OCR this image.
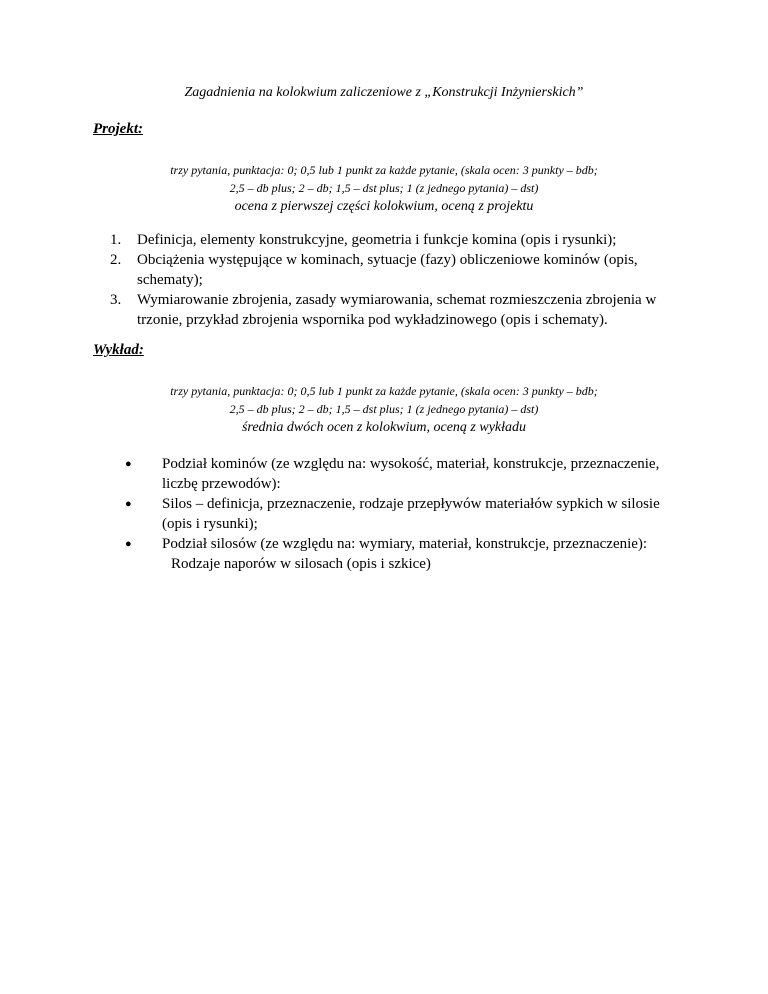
Zagadnienia na kolokwium zaliczeniowe z „Konstrukcji Inżynierskich”
Projekt:
trzy pytania, punktacja: 0; 0,5 lub 1 punkt za każde pytanie, (skala ocen: 3 punkty – bdb;
2,5 – db plus; 2 – db; 1,5 – dst plus; 1 (z jednego pytania) – dst)
ocena z pierwszej części kolokwium, oceną z projektu
1. Definicja, elementy konstrukcyjne, geometria i funkcje komina (opis i rysunki);
2. Obciążenia występujące w kominach, sytuacje (fazy) obliczeniowe kominów (opis, schematy);
3. Wymiarowanie zbrojenia, zasady wymiarowania, schemat rozmieszczenia zbrojenia w trzonie, przykład zbrojenia wspornika pod wykładzinowego (opis i schematy).
Wykład:
trzy pytania, punktacja: 0; 0,5 lub 1 punkt za każde pytanie, (skala ocen: 3 punkty – bdb;
2,5 – db plus; 2 – db; 1,5 – dst plus; 1 (z jednego pytania) – dst)
średnia dwóch ocen z kolokwium, oceną z wykładu
● Podział kominów (ze względu na: wysokość, materiał, konstrukcje, przeznaczenie, liczbę przewodów):
● Silos – definicja, przeznaczenie, rodzaje przepływów materiałów sypkich w silosie (opis i rysunki);
● Podział silosów (ze względu na: wymiary, materiał, konstrukcje, przeznaczenie):
Rodzaje naporów w silosach (opis i szkice)
